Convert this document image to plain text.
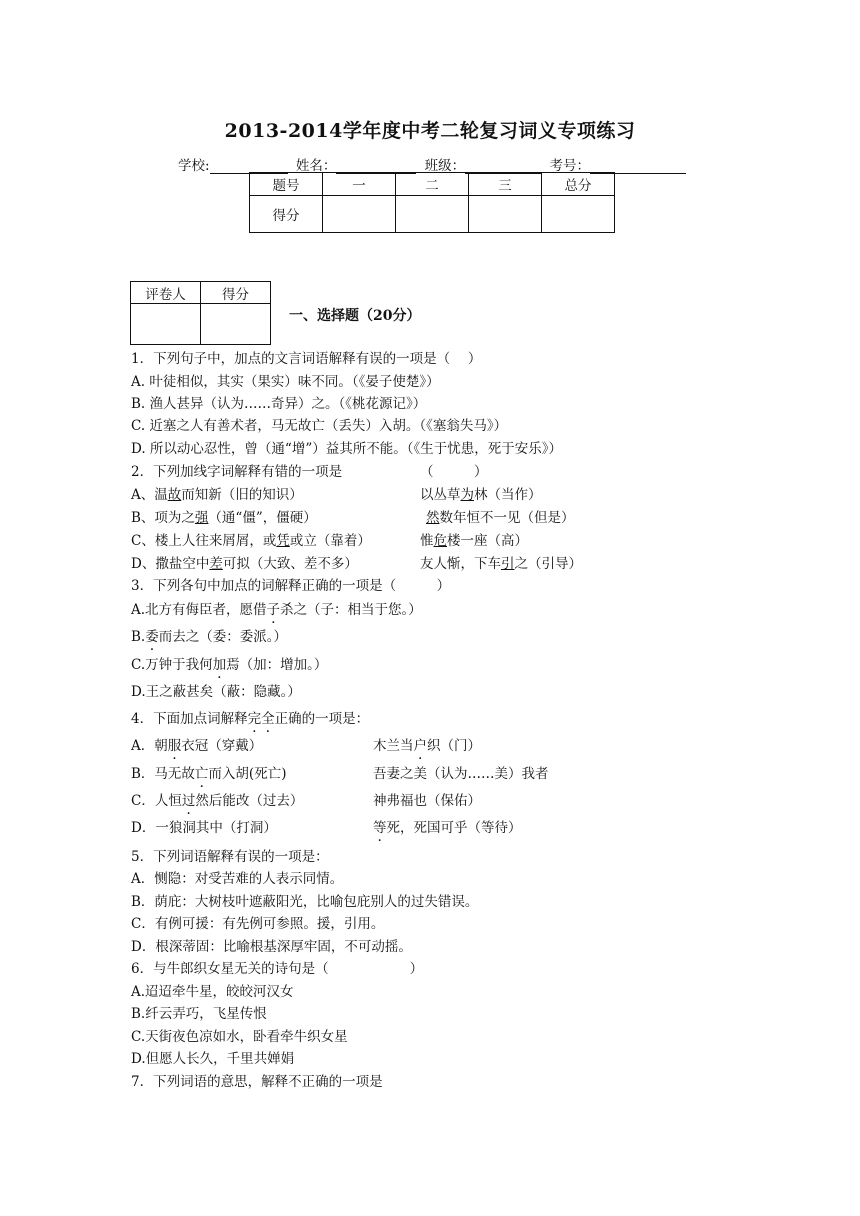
2013-2014学年度中考二轮复习词义专项练习
学校:	姓名：	班级：	考号：
题号	一	二	三	总分
得分				
评卷人	得分

一、选择题（20分）
1．下列句子中，加点的文言词语解释有误的一项是（　 ）
A. 叶徒相似，其实（果实）味不同。（《晏子使楚》）
B. 渔人甚异（认为……奇异）之。（《桃花源记》）
C. 近塞之人有善术者，马无故亡（丢失）入胡。（《塞翁失马》）
D. 所以动心忍性，曾（通“增”）益其所不能。（《生于忧患，死于安乐》）
2．下列加线字词解释有错的一项是	（　　　）
A、温故而知新（旧的知识）	以丛草为林（当作）
B、项为之强（通“僵”，僵硬）	然数年恒不一见（但是）
C、楼上人往来屑屑，或凭或立（靠着）	惟危楼一座（高）
D、撒盐空中差可拟（大致、差不多）	友人惭，下车引之（引导）
3．下列各句中加点的词解释正确的一项是（　　　）
A.北方有侮臣者，愿借子杀之（子：相当于您。）
B.委而去之（委：委派。）
C.万钟于我何加焉（加：增加。）
D.王之蔽甚矣（蔽：隐藏。）
4．下面加点词解释完全正确的一项是：
A．朝服衣冠（穿戴）	木兰当户织（门）
B．马无故亡而入胡(死亡)	吾妻之美（认为……美）我者
C．人恒过然后能改（过去）	神弗福也（保佑）
D．一狼洞其中（打洞）	等死，死国可乎（等待）
5．下列词语解释有误的一项是：
A．恻隐：对受苦难的人表示同情。
B．荫庇：大树枝叶遮蔽阳光，比喻包庇别人的过失错误。
C．有例可援：有先例可参照。援，引用。
D．根深蒂固：比喻根基深厚牢固，不可动摇。
6．与牛郎织女星无关的诗句是（　　　　　　）
A.迢迢牵牛星，皎皎河汉女
B.纤云弄巧，飞星传恨
C.天街夜色凉如水，卧看牵牛织女星
D.但愿人长久，千里共婵娟
7．下列词语的意思，解释不正确的一项是
